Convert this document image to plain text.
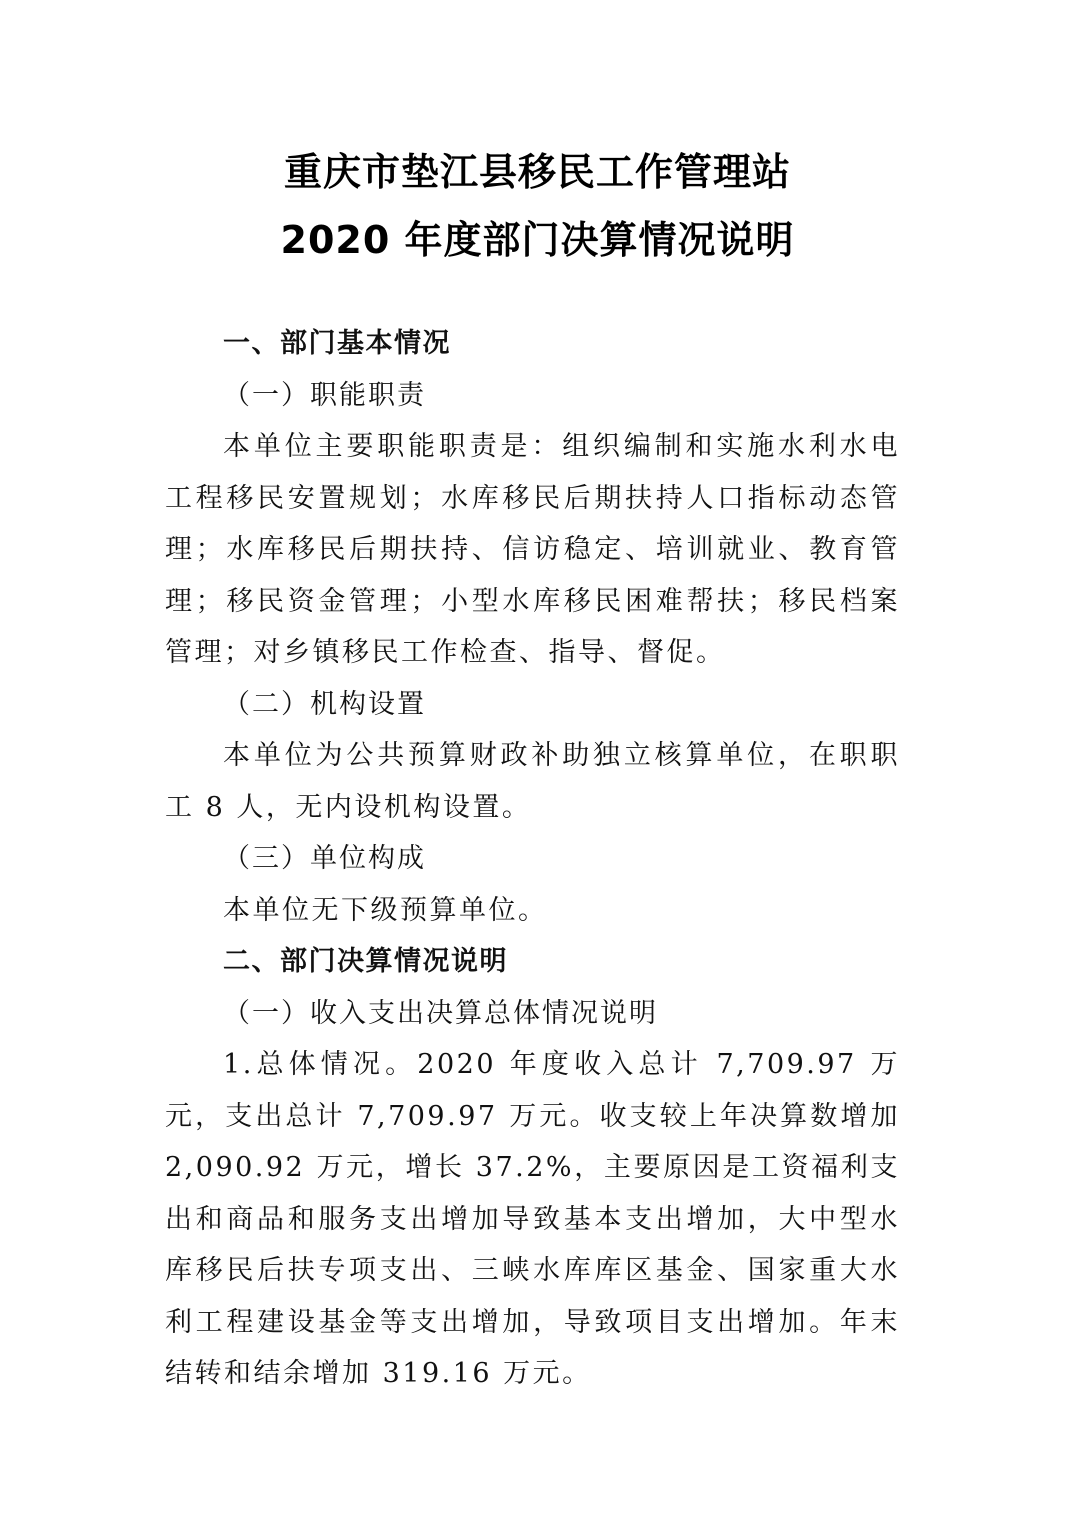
重庆市垫江县移民工作管理站
2020 年度部门决算情况说明

一、部门基本情况

（一）职能职责

本单位主要职能职责是：组织编制和实施水利水电工程移民安置规划；水库移民后期扶持人口指标动态管理；水库移民后期扶持、信访稳定、培训就业、教育管理；移民资金管理；小型水库移民困难帮扶；移民档案管理；对乡镇移民工作检查、指导、督促。

（二）机构设置

本单位为公共预算财政补助独立核算单位，在职职工 8 人，无内设机构设置。

（三）单位构成

本单位无下级预算单位。

二、部门决算情况说明

（一）收入支出决算总体情况说明

1.总体情况。2020 年度收入总计 7,709.97 万元，支出总计 7,709.97 万元。收支较上年决算数增加 2,090.92 万元，增长 37.2%，主要原因是工资福利支出和商品和服务支出增加导致基本支出增加，大中型水库移民后扶专项支出、三峡水库库区基金、国家重大水利工程建设基金等支出增加，导致项目支出增加。年末结转和结余增加 319.16 万元。
